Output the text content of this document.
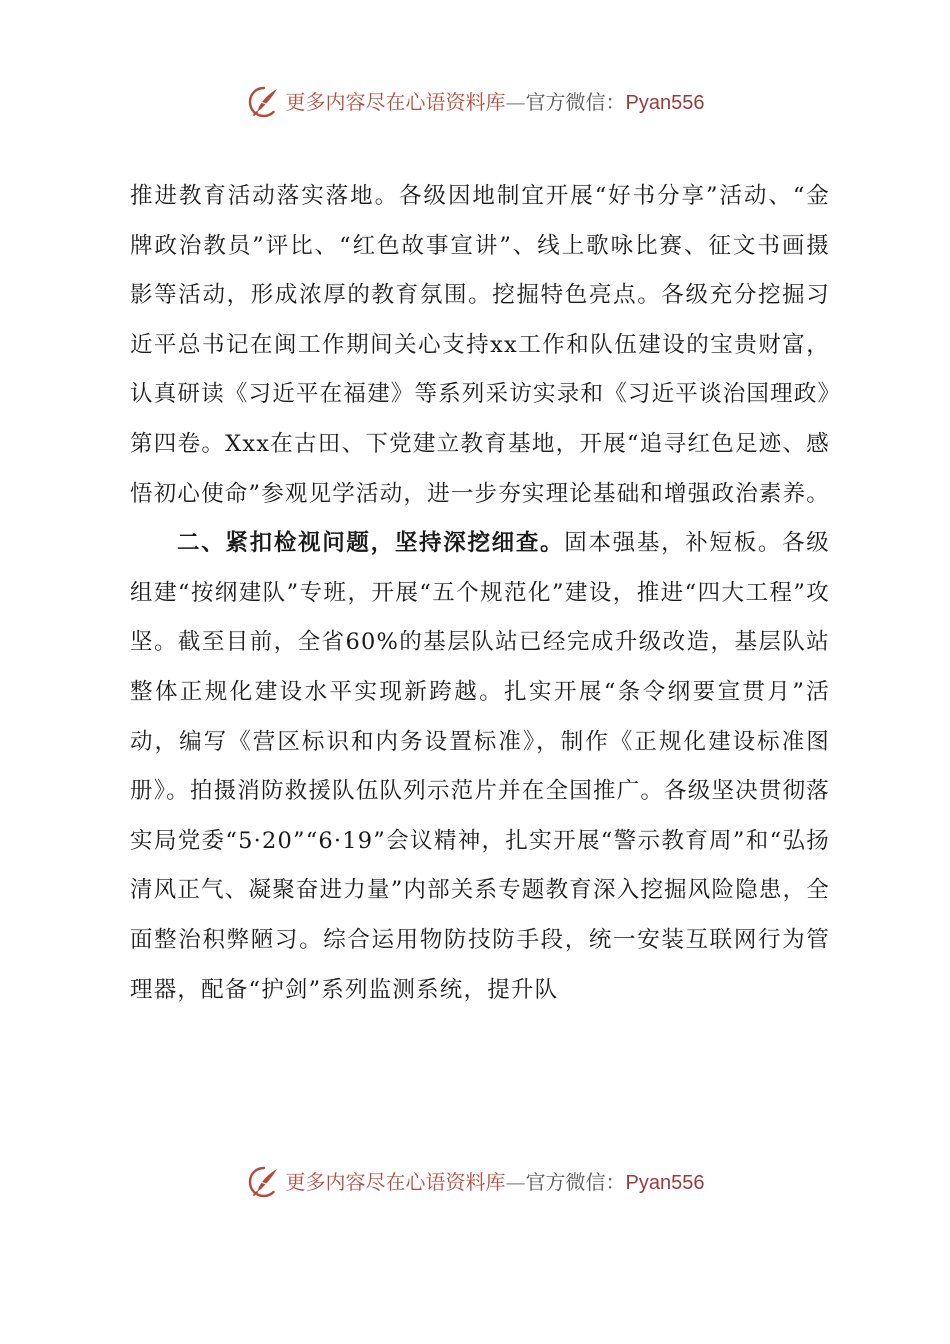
更多内容尽在心语资料库—官方微信：Pyan556

推进教育活动落实落地。各级因地制宜开展“好书分享”活动、“金牌政治教员”评比、“红色故事宣讲”、线上歌咏比赛、征文书画摄影等活动，形成浓厚的教育氛围。挖掘特色亮点。各级充分挖掘习近平总书记在闽工作期间关心支持xx工作和队伍建设的宝贵财富，认真研读《习近平在福建》等系列采访实录和《习近平谈治国理政》第四卷。Xxx在古田、下党建立教育基地，开展“追寻红色足迹、感悟初心使命”参观见学活动，进一步夯实理论基础和增强政治素养。

二、紧扣检视问题，坚持深挖细查。固本强基，补短板。各级组建“按纲建队”专班，开展“五个规范化”建设，推进“四大工程”攻坚。截至目前，全省60%的基层队站已经完成升级改造，基层队站整体正规化建设水平实现新跨越。扎实开展“条令纲要宣贯月”活动，编写《营区标识和内务设置标准》，制作《正规化建设标准图册》。拍摄消防救援队伍队列示范片并在全国推广。各级坚决贯彻落实局党委“5·20”“6·19”会议精神，扎实开展“警示教育周”和“弘扬清风正气、凝聚奋进力量”内部关系专题教育深入挖掘风险隐患，全面整治积弊陋习。综合运用物防技防手段，统一安装互联网行为管理器，配备“护剑”系列监测系统，提升队

更多内容尽在心语资料库—官方微信：Pyan556
